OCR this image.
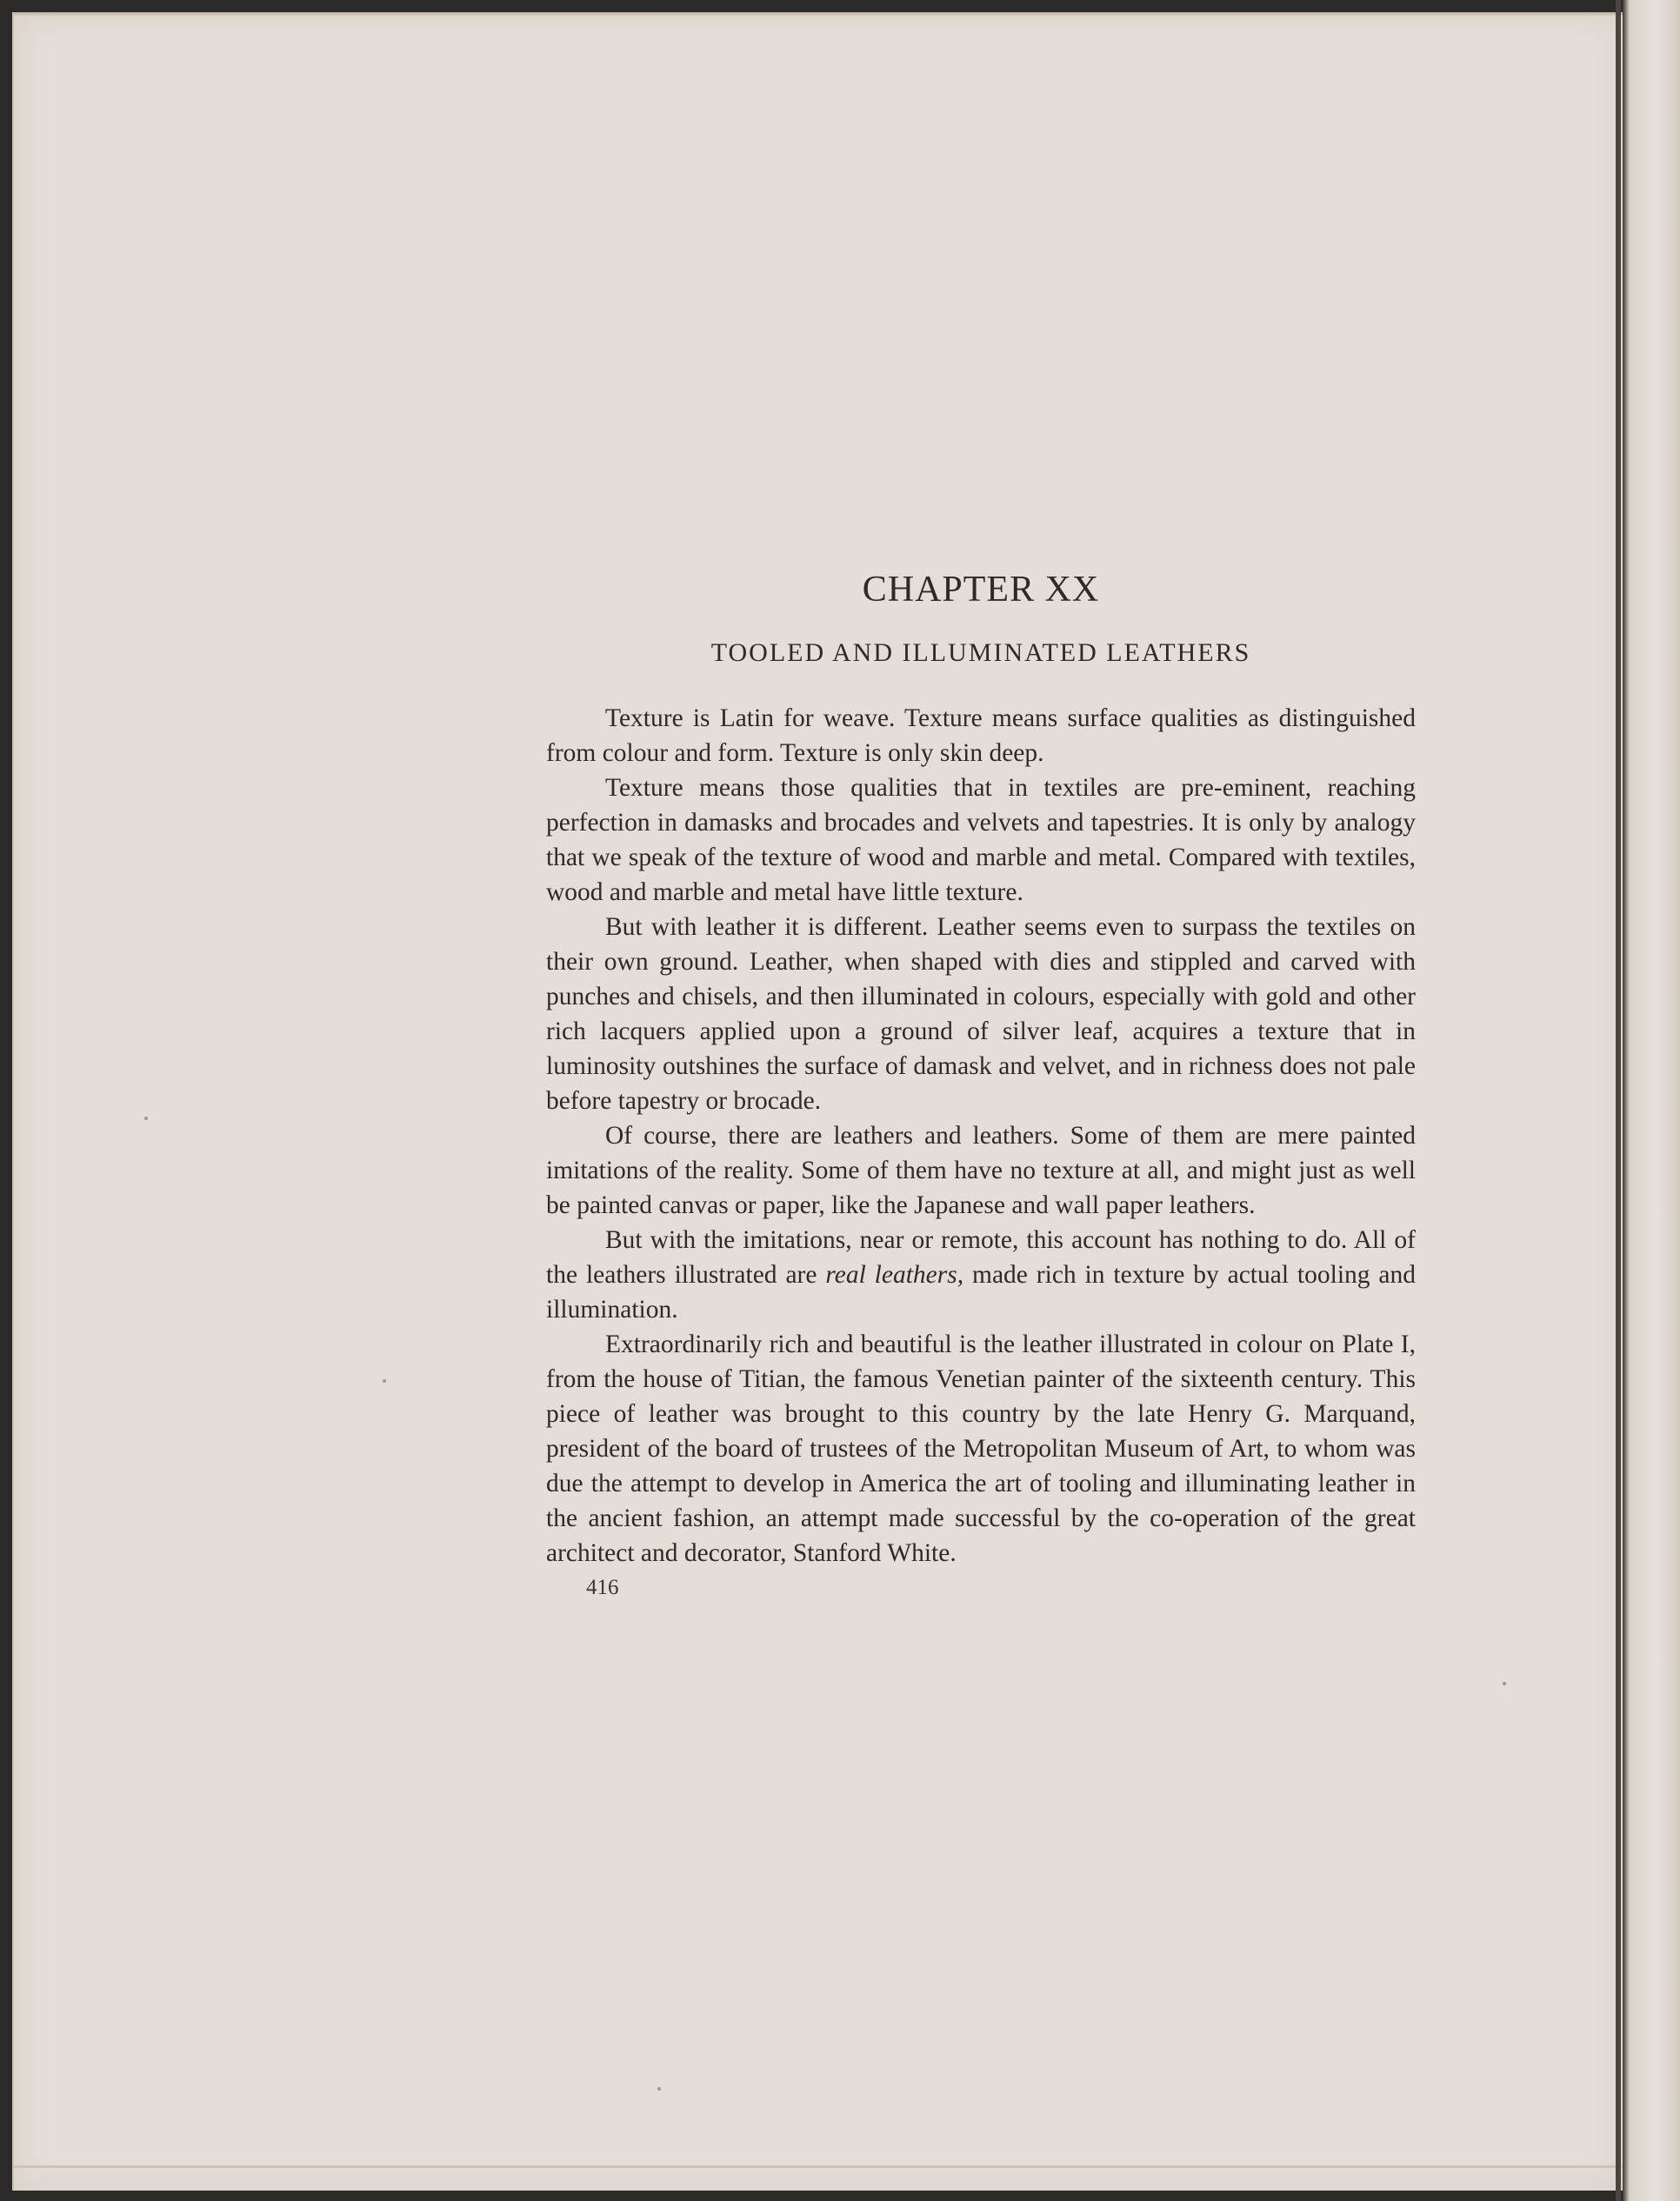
CHAPTER XX
TOOLED AND ILLUMINATED LEATHERS

Texture is Latin for weave. Texture means surface qualities as distinguished from colour and form. Texture is only skin deep.

Texture means those qualities that in textiles are pre-eminent, reaching perfection in damasks and brocades and velvets and tapestries. It is only by analogy that we speak of the texture of wood and marble and metal. Compared with textiles, wood and marble and metal have little texture.

But with leather it is different. Leather seems even to surpass the textiles on their own ground. Leather, when shaped with dies and stippled and carved with punches and chisels, and then illuminated in colours, especially with gold and other rich lacquers applied upon a ground of silver leaf, acquires a texture that in luminosity outshines the surface of damask and velvet, and in richness does not pale before tapestry or brocade.

Of course, there are leathers and leathers. Some of them are mere painted imitations of the reality. Some of them have no texture at all, and might just as well be painted canvas or paper, like the Japanese and wall paper leathers.

But with the imitations, near or remote, this account has nothing to do. All of the leathers illustrated are real leathers, made rich in texture by actual tooling and illumination.

Extraordinarily rich and beautiful is the leather illustrated in colour on Plate I, from the house of Titian, the famous Venetian painter of the sixteenth century. This piece of leather was brought to this country by the late Henry G. Marquand, president of the board of trustees of the Metropolitan Museum of Art, to whom was due the attempt to develop in America the art of tooling and illuminating leather in the ancient fashion, an attempt made successful by the co-operation of the great architect and decorator, Stanford White.

416
